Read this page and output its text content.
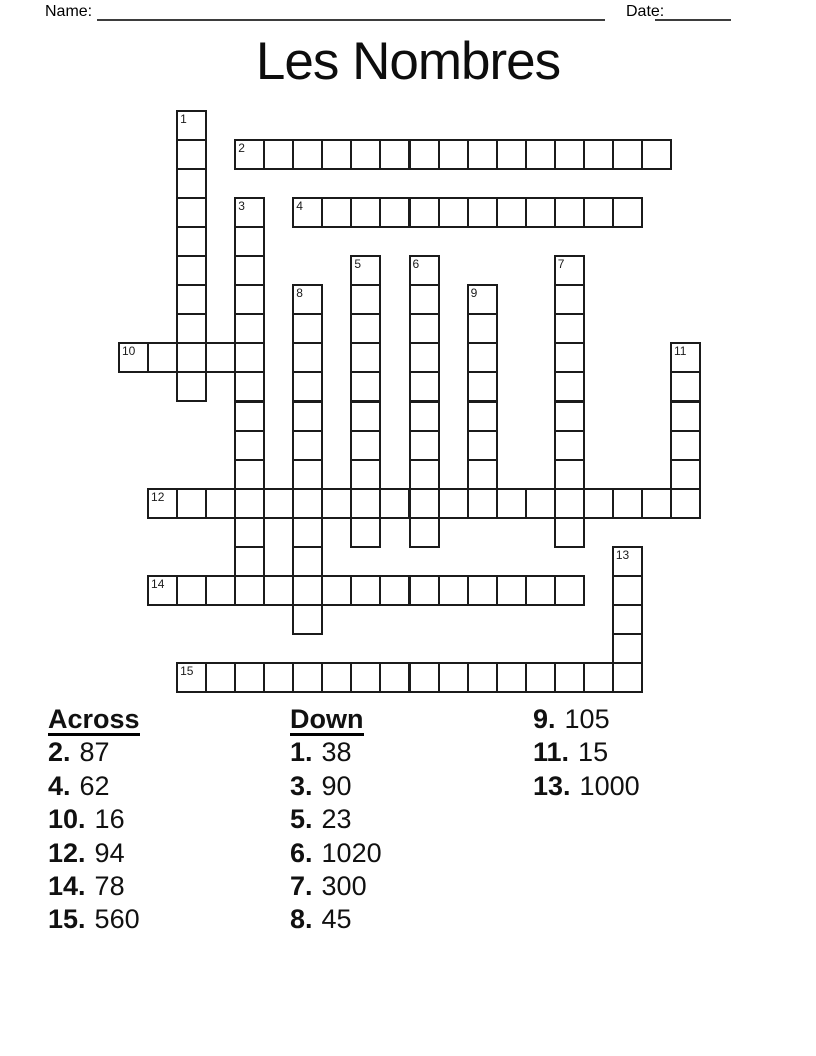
Name:	Date:
Les Nombres
1
2
3	4
5	6	7
8	9
10	11
12
13
14
15
Across
2. 87
4. 62
10. 16
12. 94
14. 78
15. 560
Down
1. 38
3. 90
5. 23
6. 1020
7. 300
8. 45
9. 105
11. 15
13. 1000
